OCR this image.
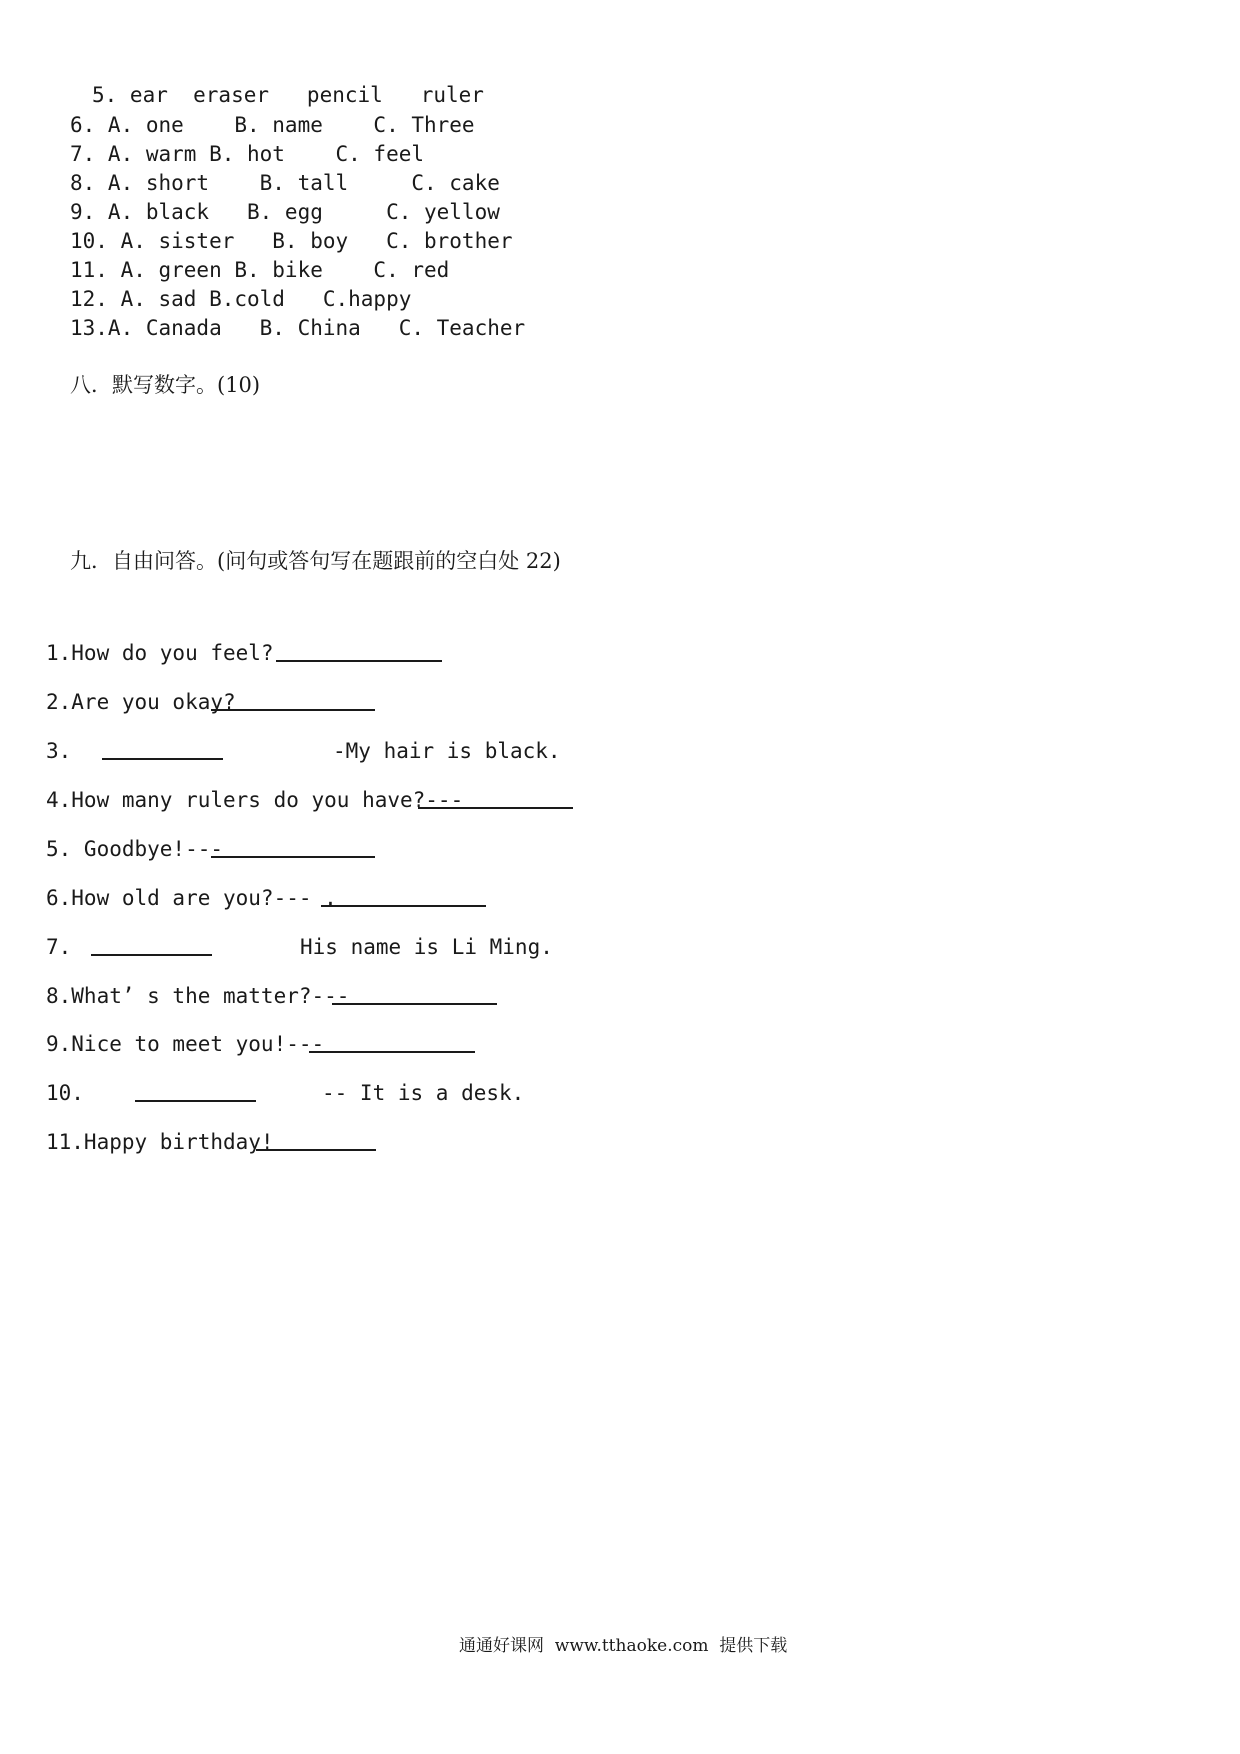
5. ear  eraser   pencil   ruler

6. A. one    B. name    C. Three

7. A. warm B. hot    C. feel

8. A. short    B. tall     C. cake

9. A. black   B. egg     C. yellow

10. A. sister   B. boy   C. brother

11. A. green B. bike    C. red

12. A. sad B.cold   C.happy

13.A. Canada   B. China   C. Teacher

八．默写数字。(10)

九．自由问答。(问句或答句写在题跟前的空白处 22)

1.How do you feel?

2.Are you okay?

3.	-My hair is black.

4.How many rulers do you have?---

5. Goodbye!---

6.How old are you?--- .

7.	His name is Li Ming.

8.What’ s the matter?---

9.Nice to meet you!---

10.	-- It is a desk.

11.Happy birthday!

通通好课网  www.tthaoke.com  提供下载
